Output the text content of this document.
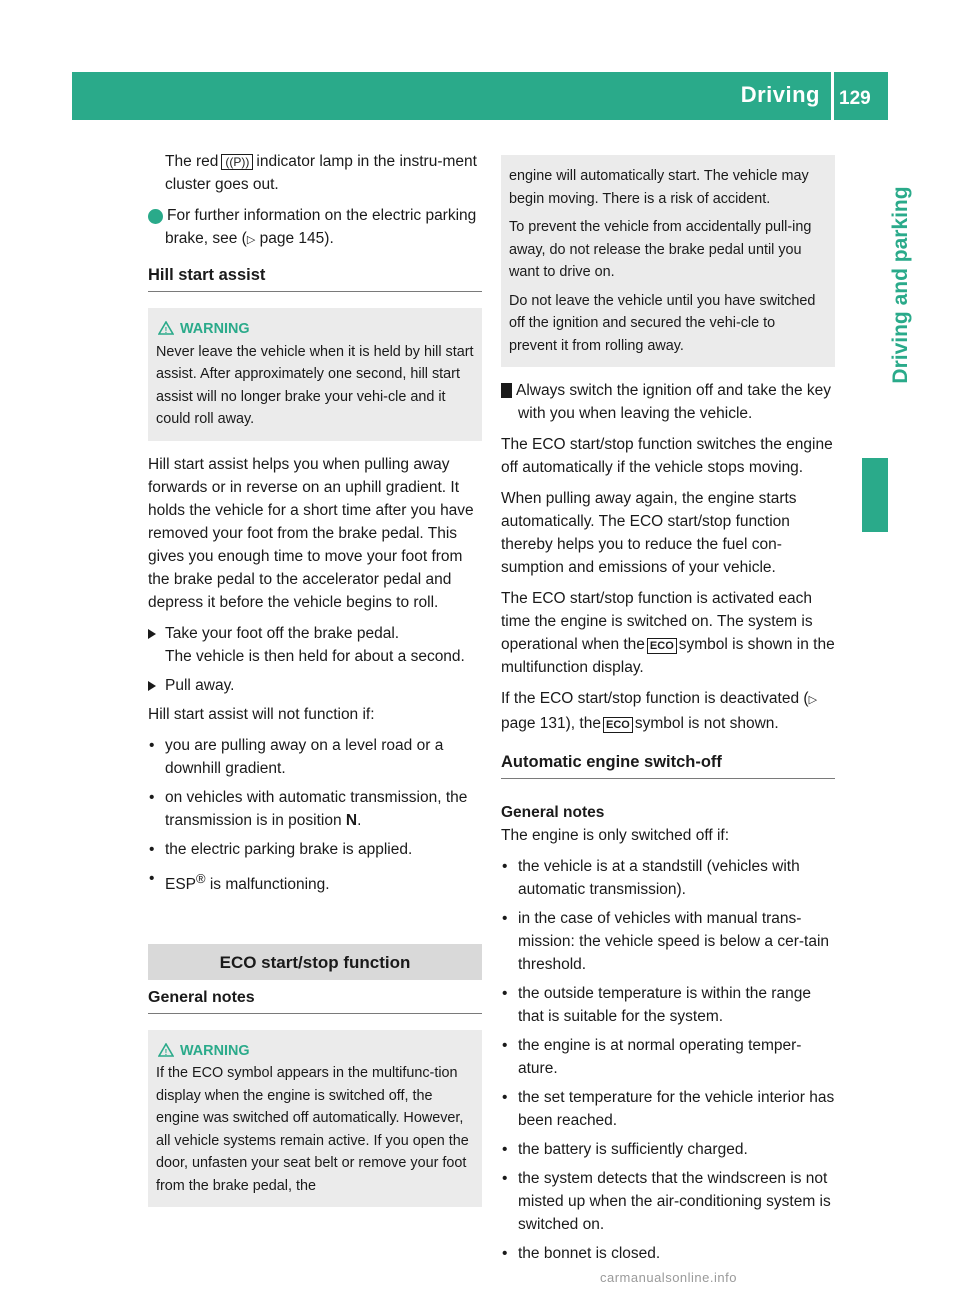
Driving 129
Driving and parking

The red ((P)) indicator lamp in the instru-ment cluster goes out.

i For further information on the electric parking brake, see (▷ page 145).

Hill start assist
! WARNING

Never leave the vehicle when it is held by hill start assist. After approximately one second, hill start assist will no longer brake your vehi-cle and it could roll away.

Hill start assist helps you when pulling away forwards or in reverse on an uphill gradient. It holds the vehicle for a short time after you have removed your foot from the brake pedal. This gives you enough time to move your foot from the brake pedal to the accelerator pedal and depress it before the vehicle begins to roll.

Take your foot off the brake pedal.
The vehicle is then held for about a second.
Pull away.

Hill start assist will not function if:

• you are pulling away on a level road or a downhill gradient.
• on vehicles with automatic transmission, the transmission is in position N.
• the electric parking brake is applied.
• ESP® is malfunctioning.
ECO start/stop function
General notes
! WARNING

If the ECO symbol appears in the multifunc-tion display when the engine is switched off, the engine was switched off automatically. However, all vehicle systems remain active. If you open the door, unfasten your seat belt or remove your foot from the brake pedal, the

engine will automatically start. The vehicle may begin moving. There is a risk of accident.

To prevent the vehicle from accidentally pull-ing away, do not release the brake pedal until you want to drive on.

Do not leave the vehicle until you have switched off the ignition and secured the vehi-cle to prevent it from rolling away.

! Always switch the ignition off and take the key with you when leaving the vehicle.

The ECO start/stop function switches the engine off automatically if the vehicle stops moving.

When pulling away again, the engine starts automatically. The ECO start/stop function thereby helps you to reduce the fuel con-sumption and emissions of your vehicle.

The ECO start/stop function is activated each time the engine is switched on. The system is operational when the ECO symbol is shown in the multifunction display.

If the ECO start/stop function is deactivated (▷ page 131), the ECO symbol is not shown.

Automatic engine switch-off
General notes

The engine is only switched off if:

• the vehicle is at a standstill (vehicles with automatic transmission).
• in the case of vehicles with manual trans-mission: the vehicle speed is below a cer-tain threshold.
• the outside temperature is within the range that is suitable for the system.
• the engine is at normal operating temper-ature.
• the set temperature for the vehicle interior has been reached.
• the battery is sufficiently charged.
• the system detects that the windscreen is not misted up when the air-conditioning system is switched on.
• the bonnet is closed.
carmanualsonline.info
